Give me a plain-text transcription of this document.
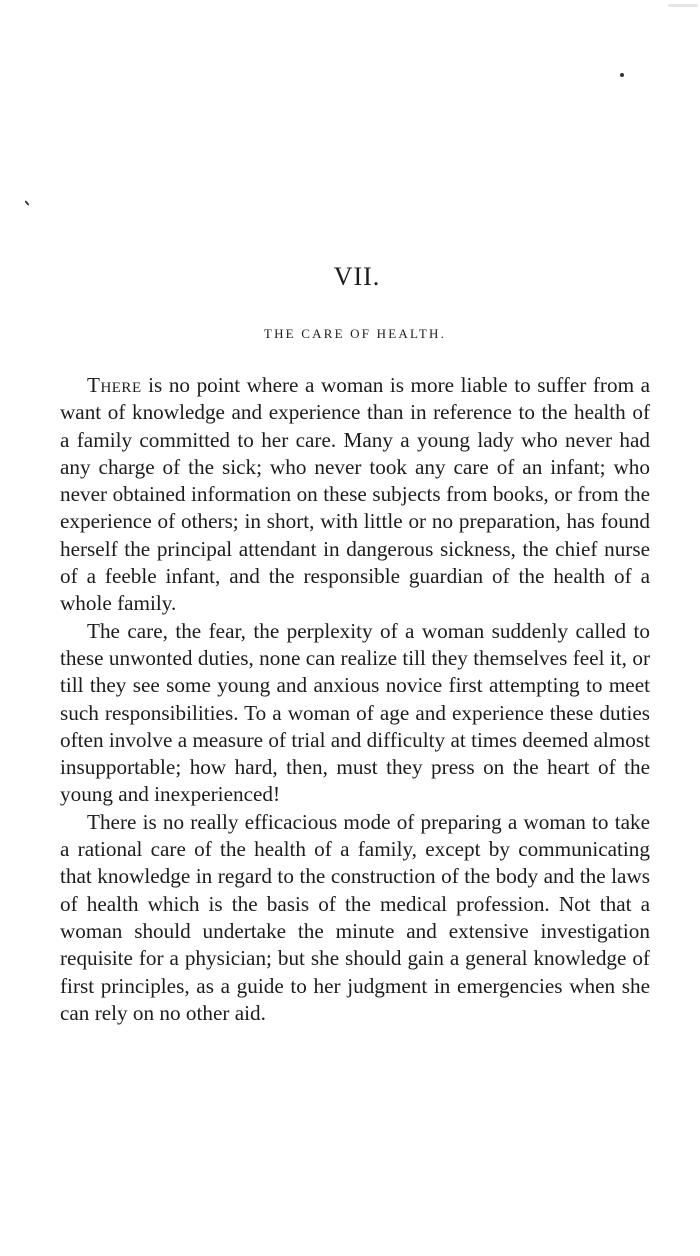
VII.
THE CARE OF HEALTH.

There is no point where a woman is more liable to suffer from a want of knowledge and experience than in reference to the health of a family committed to her care. Many a young lady who never had any charge of the sick; who never took any care of an infant; who never obtained information on these subjects from books, or from the experience of others; in short, with little or no preparation, has found herself the principal attendant in dangerous sickness, the chief nurse of a feeble infant, and the responsible guardian of the health of a whole family.

The care, the fear, the perplexity of a woman suddenly called to these unwonted duties, none can realize till they themselves feel it, or till they see some young and anxious novice first attempting to meet such responsibilities. To a woman of age and experience these duties often involve a measure of trial and difficulty at times deemed almost insupportable; how hard, then, must they press on the heart of the young and inexperienced!

There is no really efficacious mode of preparing a woman to take a rational care of the health of a family, except by communicating that knowledge in regard to the construction of the body and the laws of health which is the basis of the medical profession. Not that a woman should undertake the minute and extensive investigation requisite for a physician; but she should gain a general knowledge of first principles, as a guide to her judgment in emergencies when she can rely on no other aid.
